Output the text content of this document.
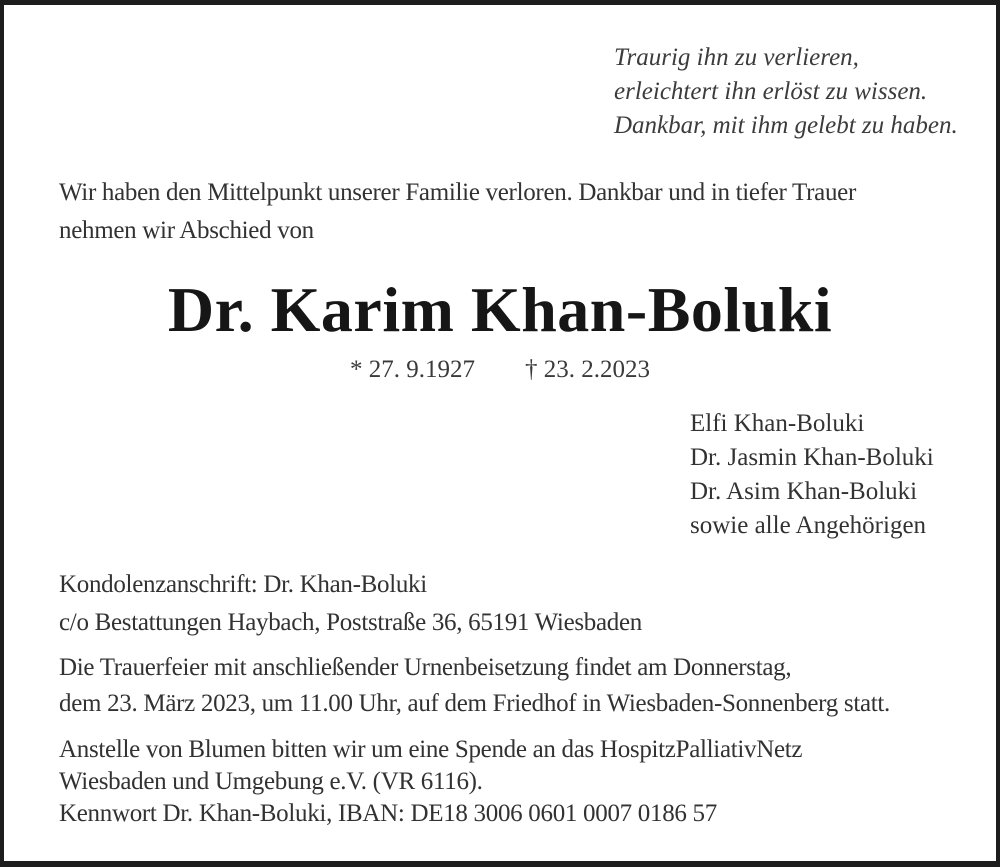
Traurig ihn zu verlieren,
erleichtert ihn erlöst zu wissen.
Dankbar, mit ihm gelebt zu haben.
Wir haben den Mittelpunkt unserer Familie verloren. Dankbar und in tiefer Trauer
nehmen wir Abschied von
Dr. Karim Khan-Boluki
* 27. 9.1927 † 23. 2.2023
Elfi Khan-Boluki
Dr. Jasmin Khan-Boluki
Dr. Asim Khan-Boluki
sowie alle Angehörigen
Kondolenzanschrift: Dr. Khan-Boluki
c/o Bestattungen Haybach, Poststraße 36, 65191 Wiesbaden
Die Trauerfeier mit anschließender Urnenbeisetzung findet am Donnerstag,
dem 23. März 2023, um 11.00 Uhr, auf dem Friedhof in Wiesbaden-Sonnenberg statt.
Anstelle von Blumen bitten wir um eine Spende an das HospitzPalliativNetz
Wiesbaden und Umgebung e.V. (VR 6116).
Kennwort Dr. Khan-Boluki, IBAN: DE18 3006 0601 0007 0186 57
